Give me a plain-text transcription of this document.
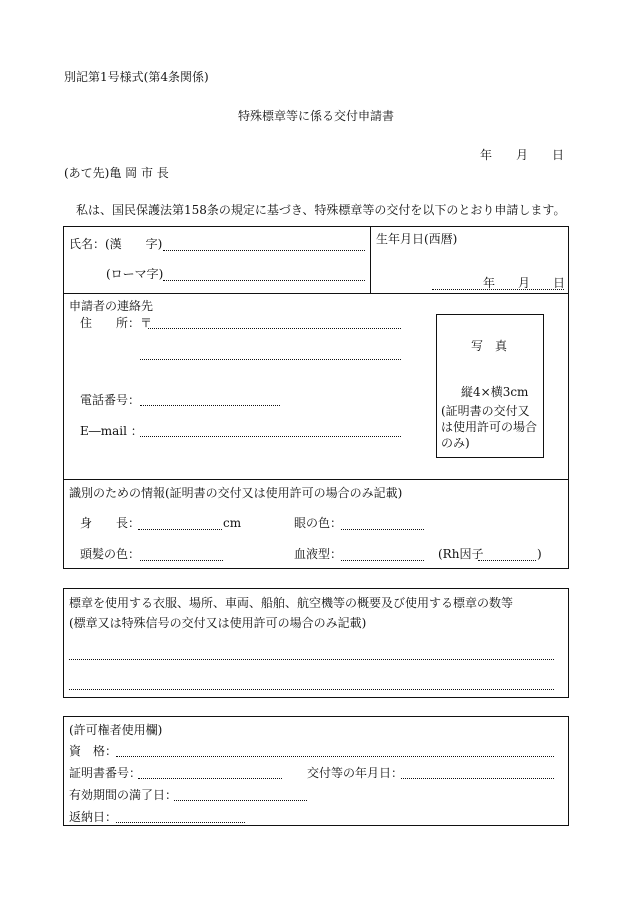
別記第1号様式(第4条関係)
特殊標章等に係る交付申請書
年 月 日
(あて先)亀 岡 市 長
私は、国民保護法第158条の規定に基づき、特殊標章等の交付を以下のとおり申請します。
氏名：(漢　　字)
(ローマ字)
生年月日(西暦)
年 月 日
申請者の連絡先
住　　所：〒
電話番号：
E―mail ：
写　真
縦4×横3cm
(証明書の交付又は使用許可の場合のみ)
識別のための情報(証明書の交付又は使用許可の場合のみ記載)
身　　長：	cm	眼の色：
頭髪の色：	血液型：	(Rh因子	)
標章を使用する衣服、場所、車両、船舶、航空機等の概要及び使用する標章の数等
(標章又は特殊信号の交付又は使用許可の場合のみ記載)
(許可権者使用欄)
資　格：
証明書番号：	交付等の年月日：
有効期間の満了日：
返納日：
